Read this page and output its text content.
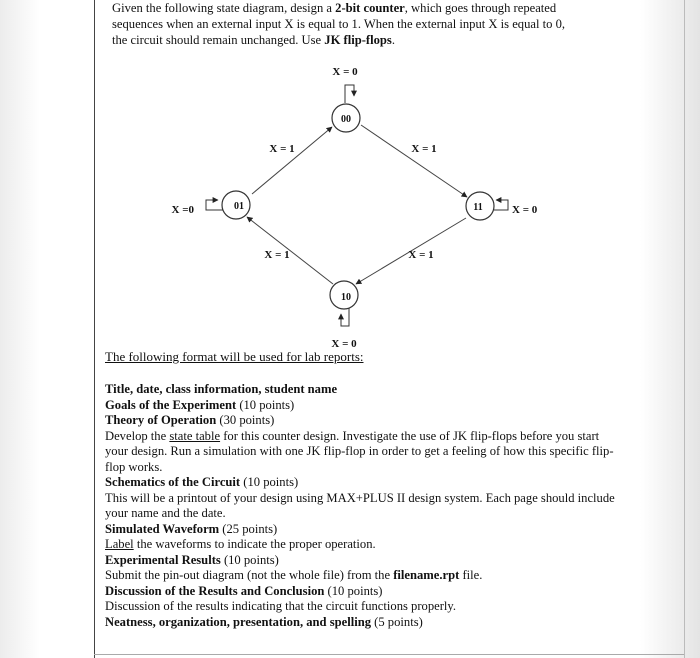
Given the following state diagram, design a 2-bit counter, which goes through repeated
sequences when an external input X is equal to 1. When the external input X is equal to 0,
the circuit should remain unchanged. Use JK flip-flops.
00
01	11
10
X = 0
X =0	X = 0
X = 0
X = 1	X = 1
X = 1	X = 1
The following format will be used for lab reports:
Title, date, class information, student name
Goals of the Experiment (10 points)
Theory of Operation (30 points)
Develop the state table for this counter design. Investigate the use of JK flip-flops before you start your design. Run a simulation with one JK flip-flop in order to get a feeling of how this specific flip-flop works.
Schematics of the Circuit (10 points)
This will be a printout of your design using MAX+PLUS II design system. Each page should include your name and the date.
Simulated Waveform (25 points)
Label the waveforms to indicate the proper operation.
Experimental Results (10 points)
Submit the pin-out diagram (not the whole file) from the filename.rpt file.
Discussion of the Results and Conclusion (10 points)
Discussion of the results indicating that the circuit functions properly.
Neatness, organization, presentation, and spelling (5 points)
